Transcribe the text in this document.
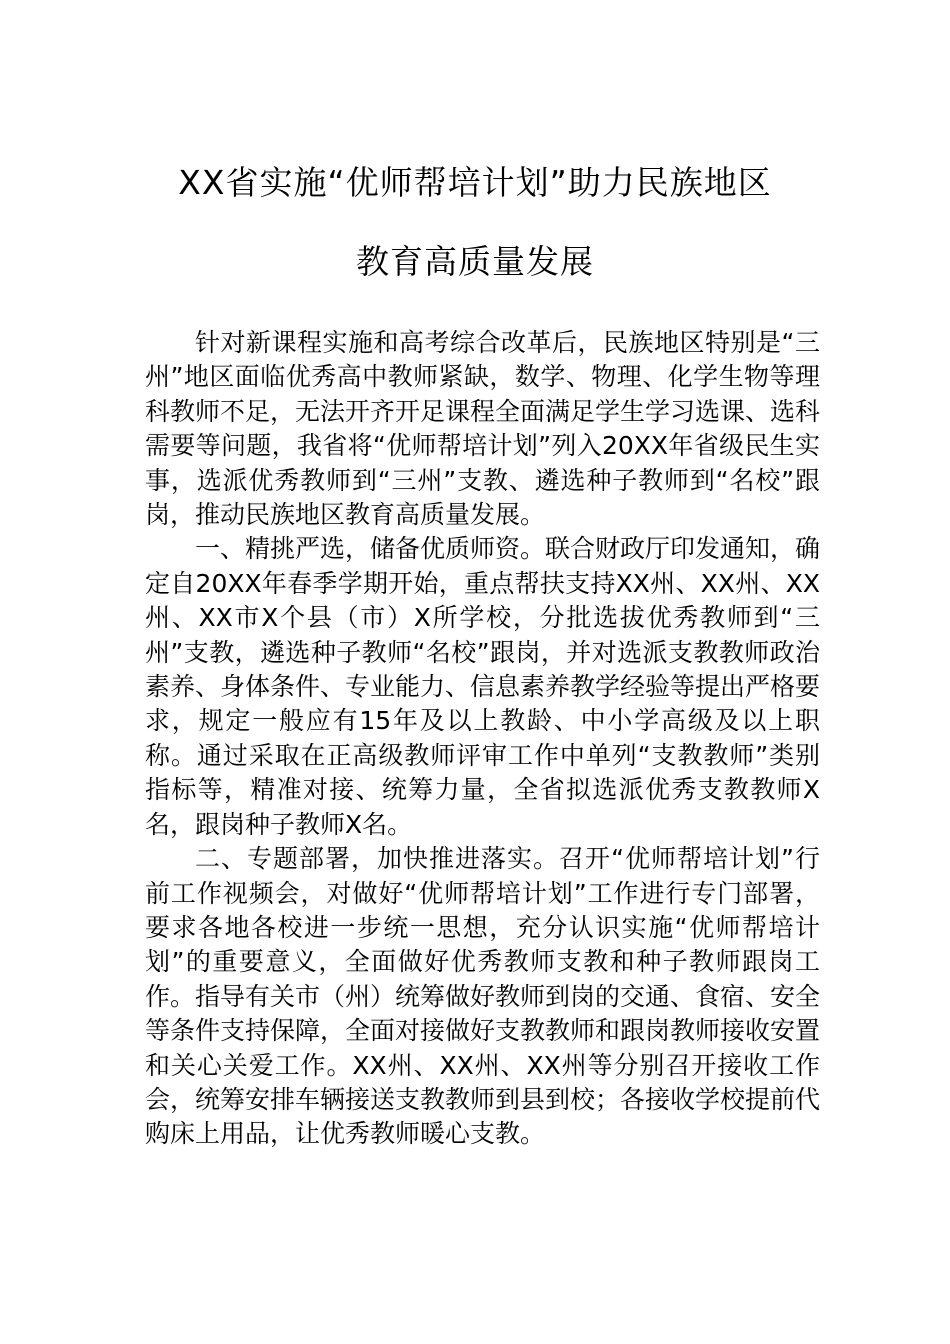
XX省实施“优师帮培计划”助力民族地区
教育高质量发展

针对新课程实施和高考综合改革后，民族地区特别是“三州”地区面临优秀高中教师紧缺，数学、物理、化学生物等理科教师不足，无法开齐开足课程全面满足学生学习选课、选科需要等问题，我省将“优师帮培计划”列入20XX年省级民生实事，选派优秀教师到“三州”支教、遴选种子教师到“名校”跟岗，推动民族地区教育高质量发展。

一、精挑严选，储备优质师资。联合财政厅印发通知，确定自20XX年春季学期开始，重点帮扶支持XX州、XX州、XX州、XX市X个县（市）X所学校，分批选拔优秀教师到“三州”支教，遴选种子教师“名校”跟岗，并对选派支教教师政治素养、身体条件、专业能力、信息素养教学经验等提出严格要求，规定一般应有15年及以上教龄、中小学高级及以上职称。通过采取在正高级教师评审工作中单列“支教教师”类别指标等，精准对接、统筹力量，全省拟选派优秀支教教师X名，跟岗种子教师X名。

二、专题部署，加快推进落实。召开“优师帮培计划”行前工作视频会，对做好“优师帮培计划”工作进行专门部署，要求各地各校进一步统一思想，充分认识实施“优师帮培计划”的重要意义，全面做好优秀教师支教和种子教师跟岗工作。指导有关市（州）统筹做好教师到岗的交通、食宿、安全等条件支持保障，全面对接做好支教教师和跟岗教师接收安置和关心关爱工作。XX州、XX州、XX州等分别召开接收工作会，统筹安排车辆接送支教教师到县到校；各接收学校提前代购床上用品，让优秀教师暖心支教。
